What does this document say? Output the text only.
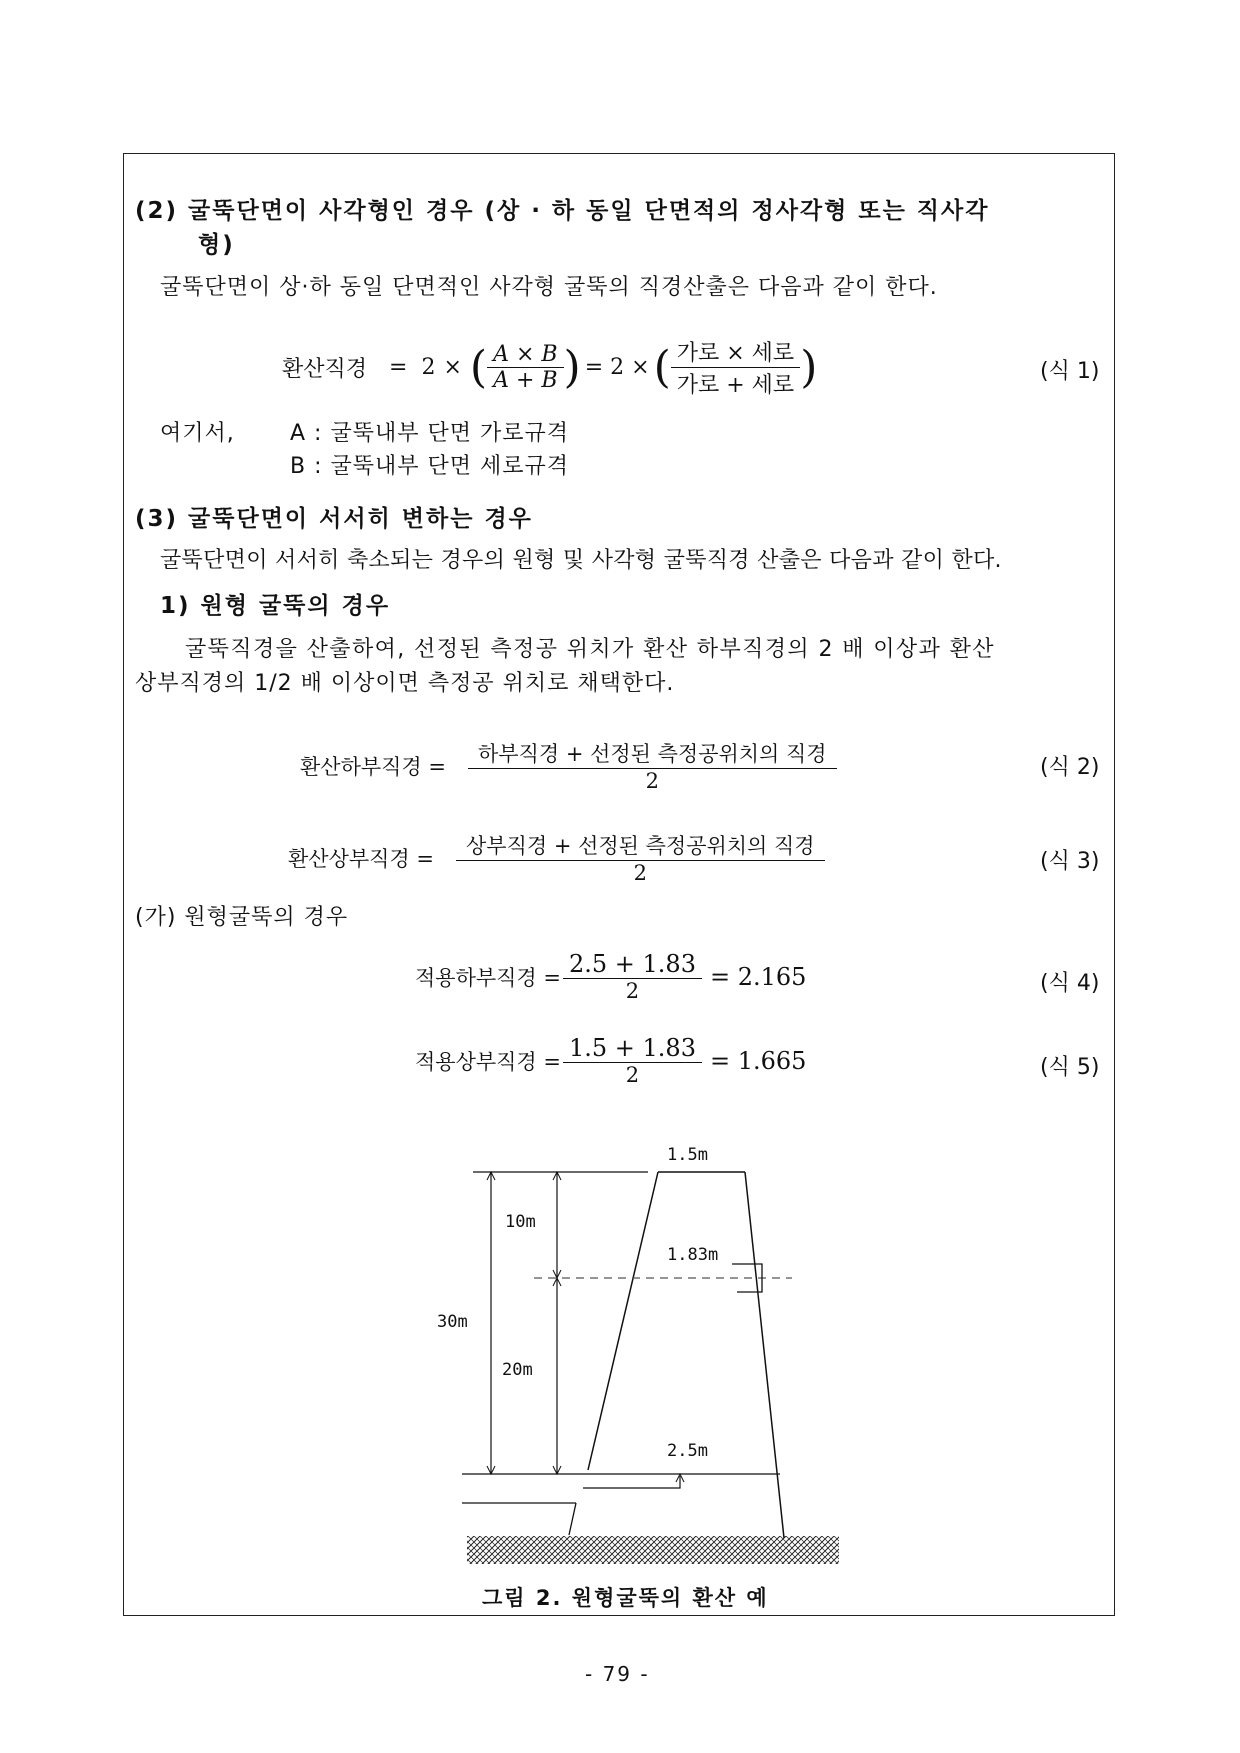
(2) 굴뚝단면이 사각형인 경우 (상 · 하 동일 단면적의 정사각형 또는 직사각
형)
굴뚝단면이 상·하 동일 단면적인 사각형 굴뚝의 직경산출은 다음과 같이 한다.
환산직경 = 2 × ( $\frac{A \times B}{A + B}$ ) = 2 × ( $\frac{\text{가로 × 세로}}{\text{가로 + 세로}}$ )	(식 1)
여기서,	A : 굴뚝내부 단면 가로규격
B : 굴뚝내부 단면 세로규격
(3) 굴뚝단면이 서서히 변하는 경우
굴뚝단면이 서서히 축소되는 경우의 원형 및 사각형 굴뚝직경 산출은 다음과 같이 한다.
1) 원형 굴뚝의 경우
굴뚝직경을 산출하여, 선정된 측정공 위치가 환산 하부직경의 2 배 이상과 환산
상부직경의 1/2 배 이상이면 측정공 위치로 채택한다.
환산하부직경 = $\frac{\text{하부직경 + 선정된 측정공위치의 직경}}{2}$	(식 2)
환산상부직경 = $\frac{\text{상부직경 + 선정된 측정공위치의 직경}}{2}$	(식 3)
(가) 원형굴뚝의 경우
적용하부직경 = $\frac{2.5 + 1.83}{2} = 2.165$	(식 4)
적용상부직경 = $\frac{1.5 + 1.83}{2} = 1.665$	(식 5)
1.5m
10m
1.83m
30m
20m
2.5m
그림 2. 원형굴뚝의 환산 예
- 79 -
